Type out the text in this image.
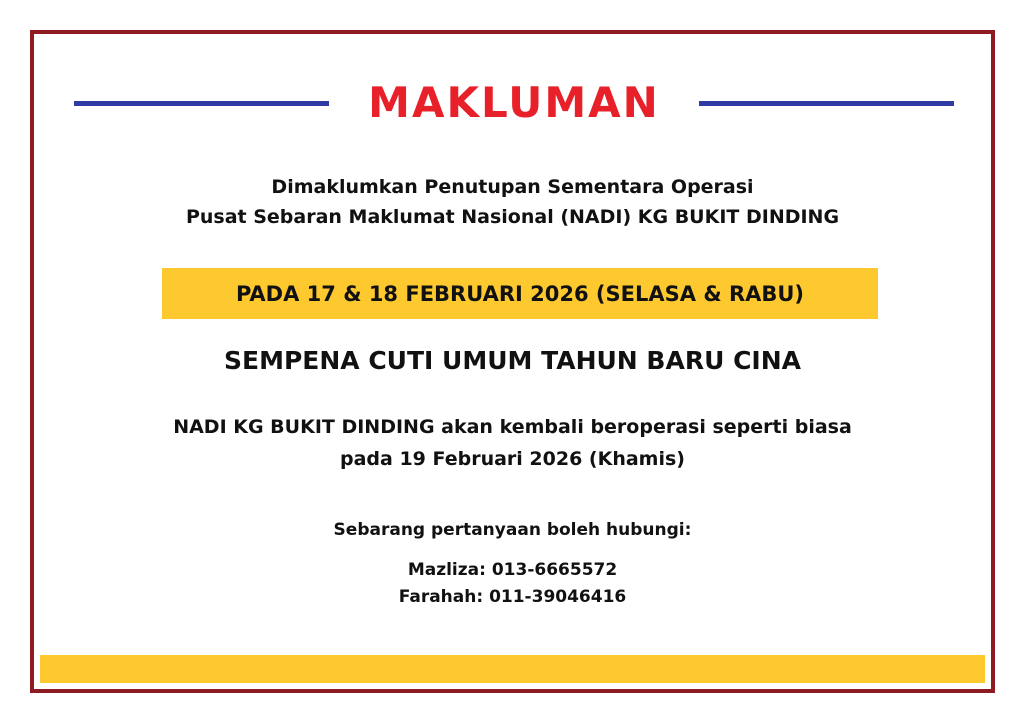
MAKLUMAN
Dimaklumkan Penutupan Sementara Operasi
Pusat Sebaran Maklumat Nasional (NADI) KG BUKIT DINDING
PADA 17 & 18 FEBRUARI 2026 (SELASA & RABU)
SEMPENA CUTI UMUM TAHUN BARU CINA
NADI KG BUKIT DINDING akan kembali beroperasi seperti biasa
pada 19 Februari 2026 (Khamis)
Sebarang pertanyaan boleh hubungi:
Mazliza: 013-6665572
Farahah: 011-39046416
